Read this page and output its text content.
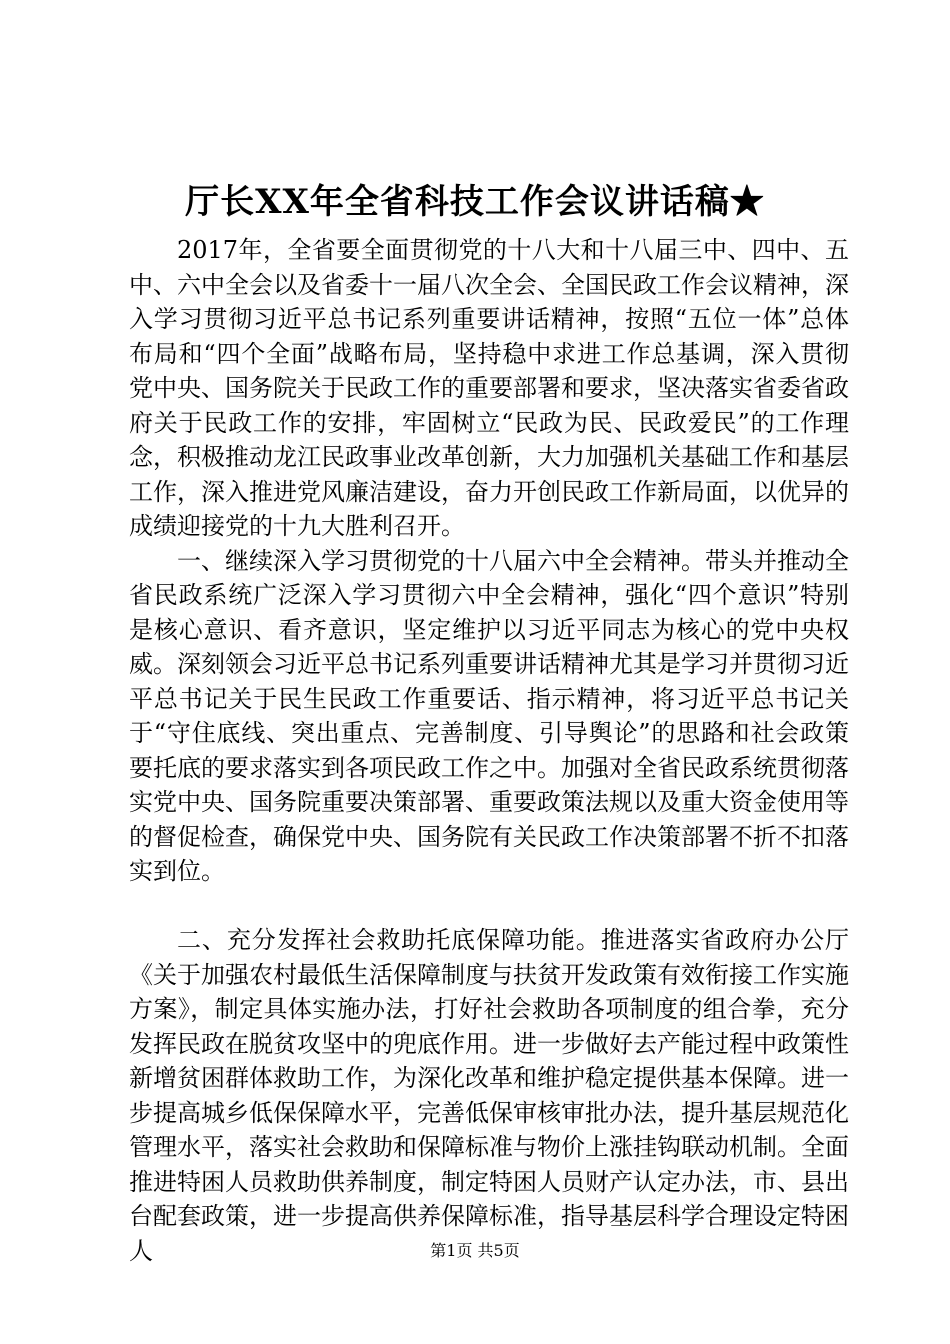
厅长XX年全省科技工作会议讲话稿★

2017年，全省要全面贯彻党的十八大和十八届三中、四中、五中、六中全会以及省委十一届八次全会、全国民政工作会议精神，深入学习贯彻习近平总书记系列重要讲话精神，按照“五位一体”总体布局和“四个全面”战略布局，坚持稳中求进工作总基调，深入贯彻党中央、国务院关于民政工作的重要部署和要求，坚决落实省委省政府关于民政工作的安排，牢固树立“民政为民、民政爱民”的工作理念，积极推动龙江民政事业改革创新，大力加强机关基础工作和基层工作，深入推进党风廉洁建设，奋力开创民政工作新局面，以优异的成绩迎接党的十九大胜利召开。

一、继续深入学习贯彻党的十八届六中全会精神。带头并推动全省民政系统广泛深入学习贯彻六中全会精神，强化“四个意识”特别是核心意识、看齐意识，坚定维护以习近平同志为核心的党中央权威。深刻领会习近平总书记系列重要讲话精神尤其是学习并贯彻习近平总书记关于民生民政工作重要话、指示精神，将习近平总书记关于“守住底线、突出重点、完善制度、引导舆论”的思路和社会政策要托底的要求落实到各项民政工作之中。加强对全省民政系统贯彻落实党中央、国务院重要决策部署、重要政策法规以及重大资金使用等的督促检查，确保党中央、国务院有关民政工作决策部署不折不扣落实到位。

二、充分发挥社会救助托底保障功能。推进落实省政府办公厅《关于加强农村最低生活保障制度与扶贫开发政策有效衔接工作实施方案》，制定具体实施办法，打好社会救助各项制度的组合拳，充分发挥民政在脱贫攻坚中的兜底作用。进一步做好去产能过程中政策性新增贫困群体救助工作，为深化改革和维护稳定提供基本保障。进一步提高城乡低保保障水平，完善低保审核审批办法，提升基层规范化管理水平，落实社会救助和保障标准与物价上涨挂钩联动机制。全面推进特困人员救助供养制度，制定特困人员财产认定办法，市、县出台配套政策，进一步提高供养保障标准，指导基层科学合理设定特困人	第1页 共5页
